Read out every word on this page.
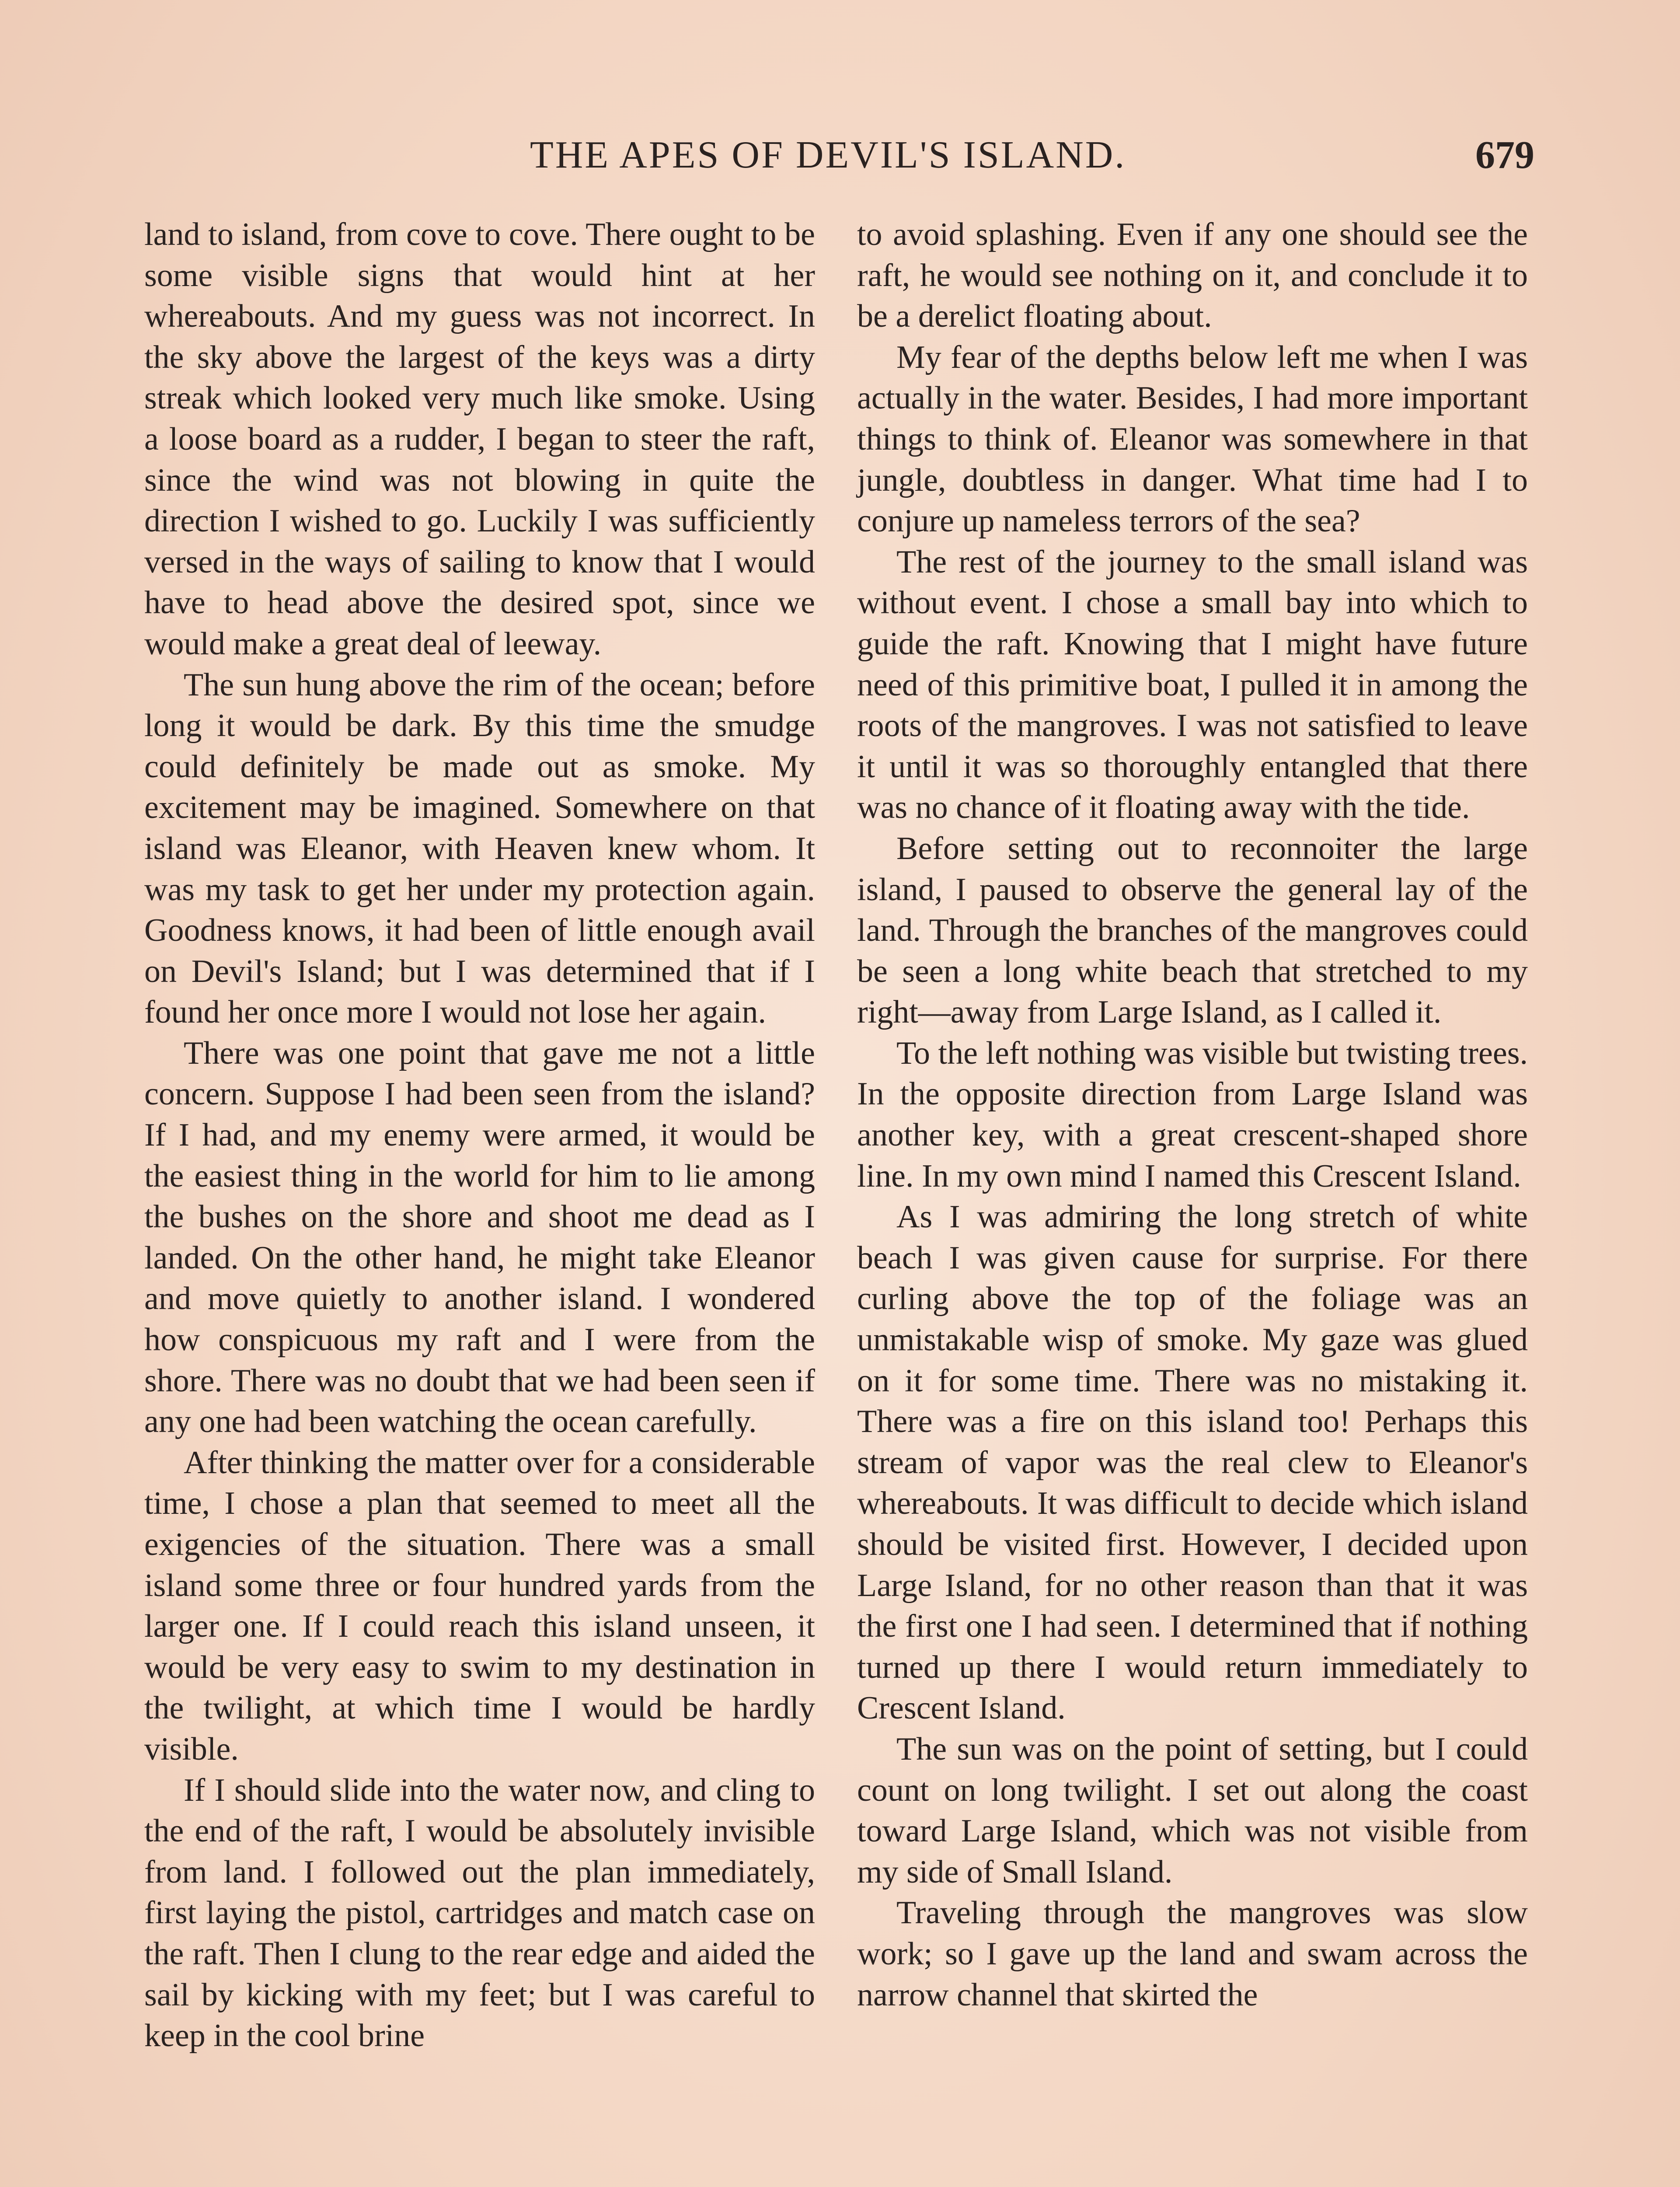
THE APES OF DEVIL'S ISLAND.	679

land to island, from cove to cove. There ought to be some visible signs that would hint at her whereabouts. And my guess was not incorrect. In the sky above the largest of the keys was a dirty streak which looked very much like smoke. Using a loose board as a rudder, I began to steer the raft, since the wind was not blowing in quite the direction I wished to go. Luckily I was sufficiently versed in the ways of sailing to know that I would have to head above the desired spot, since we would make a great deal of leeway.

The sun hung above the rim of the ocean; before long it would be dark. By this time the smudge could definitely be made out as smoke. My excitement may be imagined. Somewhere on that island was Eleanor, with Heaven knew whom. It was my task to get her under my protection again. Goodness knows, it had been of little enough avail on Devil's Island; but I was determined that if I found her once more I would not lose her again.

There was one point that gave me not a little concern. Suppose I had been seen from the island? If I had, and my enemy were armed, it would be the easiest thing in the world for him to lie among the bushes on the shore and shoot me dead as I landed. On the other hand, he might take Eleanor and move quietly to another island. I wondered how conspicuous my raft and I were from the shore. There was no doubt that we had been seen if any one had been watching the ocean carefully.

After thinking the matter over for a considerable time, I chose a plan that seemed to meet all the exigencies of the situation. There was a small island some three or four hundred yards from the larger one. If I could reach this island unseen, it would be very easy to swim to my destination in the twilight, at which time I would be hardly visible.

If I should slide into the water now, and cling to the end of the raft, I would be absolutely invisible from land. I followed out the plan immediately, first laying the pistol, cartridges and match case on the raft. Then I clung to the rear edge and aided the sail by kicking with my feet; but I was careful to keep in the cool brine

to avoid splashing. Even if any one should see the raft, he would see nothing on it, and conclude it to be a derelict floating about.

My fear of the depths below left me when I was actually in the water. Besides, I had more important things to think of. Eleanor was somewhere in that jungle, doubtless in danger. What time had I to conjure up nameless terrors of the sea?

The rest of the journey to the small island was without event. I chose a small bay into which to guide the raft. Knowing that I might have future need of this primitive boat, I pulled it in among the roots of the mangroves. I was not satisfied to leave it until it was so thoroughly entangled that there was no chance of it floating away with the tide.

Before setting out to reconnoiter the large island, I paused to observe the general lay of the land. Through the branches of the mangroves could be seen a long white beach that stretched to my right—away from Large Island, as I called it.

To the left nothing was visible but twisting trees. In the opposite direction from Large Island was another key, with a great crescent-shaped shore line. In my own mind I named this Crescent Island.

As I was admiring the long stretch of white beach I was given cause for surprise. For there curling above the top of the foliage was an unmistakable wisp of smoke. My gaze was glued on it for some time. There was no mistaking it. There was a fire on this island too! Perhaps this stream of vapor was the real clew to Eleanor's whereabouts. It was difficult to decide which island should be visited first. However, I decided upon Large Island, for no other reason than that it was the first one I had seen. I determined that if nothing turned up there I would return immediately to Crescent Island.

The sun was on the point of setting, but I could count on long twilight. I set out along the coast toward Large Island, which was not visible from my side of Small Island.

Traveling through the mangroves was slow work; so I gave up the land and swam across the narrow channel that skirted the
